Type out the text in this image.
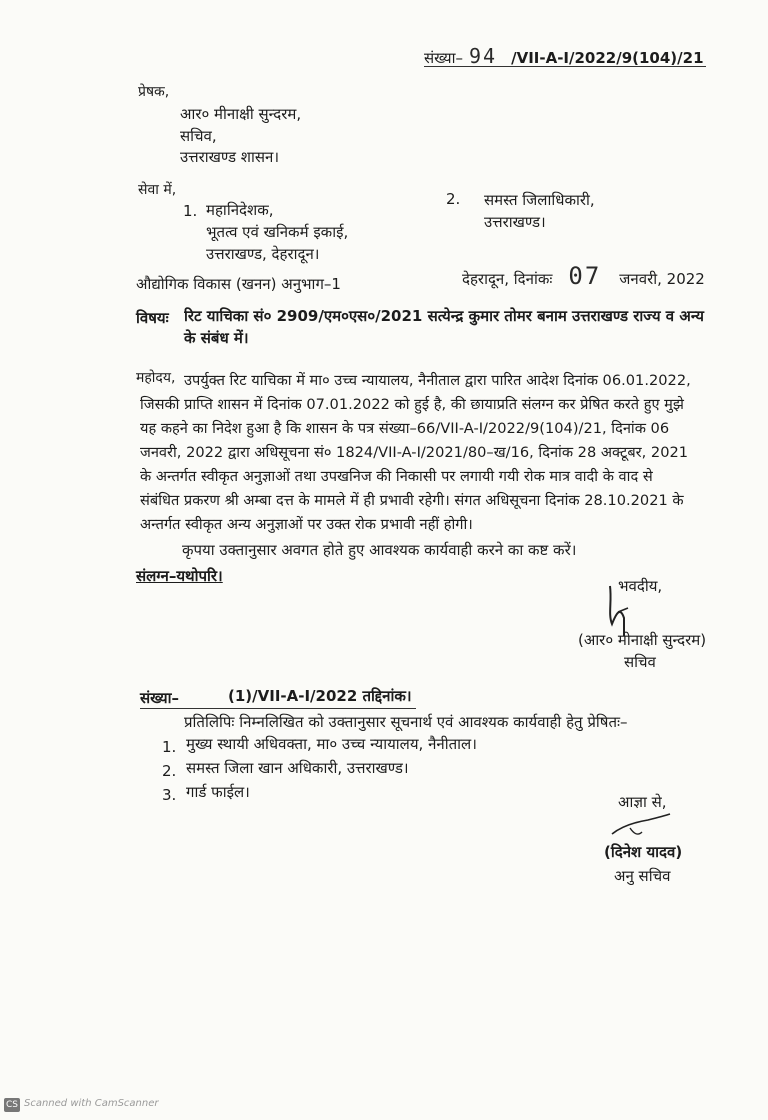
संख्या– 94 /VII-A-I/2022/9(104)/21
प्रेषक,
आर० मीनाक्षी सुन्दरम,
सचिव,
उत्तराखण्ड शासन।
सेवा में,
1. महानिदेशक,
भूतत्व एवं खनिकर्म इकाई,
उत्तराखण्ड, देहरादून।
2. समस्त जिलाधिकारी,
उत्तराखण्ड।
औद्योगिक विकास (खनन) अनुभाग–1	देहरादून, दिनांकः 07 जनवरी, 2022
विषयः रिट याचिका सं० 2909/एम०एस०/2021 सत्येन्द्र कुमार तोमर बनाम उत्तराखण्ड राज्य व अन्य
के संबंध में।
महोदय, उपर्युक्त रिट याचिका में मा० उच्च न्यायालय, नैनीताल द्वारा पारित आदेश दिनांक 06.01.2022,
जिसकी प्राप्ति शासन में दिनांक 07.01.2022 को हुई है, की छायाप्रति संलग्न कर प्रेषित करते हुए मुझे
यह कहने का निदेश हुआ है कि शासन के पत्र संख्या–66/VII-A-I/2022/9(104)/21, दिनांक 06
जनवरी, 2022 द्वारा अधिसूचना सं० 1824/VII-A-I/2021/80–ख/16, दिनांक 28 अक्टूबर, 2021
के अन्तर्गत स्वीकृत अनुज्ञाओं तथा उपखनिज की निकासी पर लगायी गयी रोक मात्र वादी के वाद से
संबंधित प्रकरण श्री अम्बा दत्त के मामले में ही प्रभावी रहेगी। संगत अधिसूचना दिनांक 28.10.2021 के
अन्तर्गत स्वीकृत अन्य अनुज्ञाओं पर उक्त रोक प्रभावी नहीं होगी।
कृपया उक्तानुसार अवगत होते हुए आवश्यक कार्यवाही करने का कष्ट करें।
संलग्न–यथोपरि।
भवदीय,
(आर० मीनाक्षी सुन्दरम)
सचिव
संख्या–	(1)/VII-A-I/2022 तद्दिनांक।
प्रतिलिपिः निम्नलिखित को उक्तानुसार सूचनार्थ एवं आवश्यक कार्यवाही हेतु प्रेषितः–
1. मुख्य स्थायी अधिवक्ता, मा० उच्च न्यायालय, नैनीताल।
2. समस्त जिला खान अधिकारी, उत्तराखण्ड।
3. गार्ड फाईल।
आज्ञा से,
(दिनेश यादव)
अनु सचिव
CS Scanned with CamScanner
